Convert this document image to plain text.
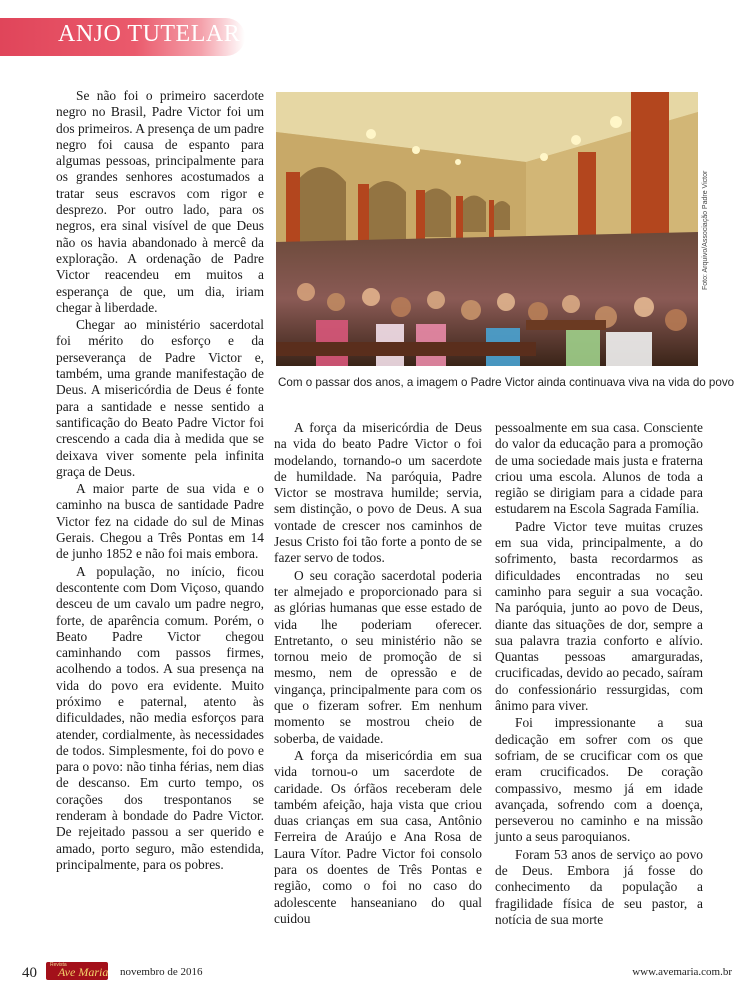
ANJO TUTELAR

Se não foi o primeiro sacerdote negro no Brasil, Padre Victor foi um dos primeiros. A presença de um padre negro foi causa de espanto para algumas pessoas, principalmente para os grandes senhores acostumados a tratar seus escravos com rigor e desprezo. Por outro lado, para os negros, era sinal visível de que Deus não os havia abandonado à mercê da exploração. A ordenação de Padre Victor reacendeu em muitos a esperança de que, um dia, iriam chegar à liberdade.

Chegar ao ministério sacerdotal foi mérito do esforço e da perseverança de Padre Victor e, também, uma grande manifestação de Deus. A misericórdia de Deus é fonte para a santidade e nesse sentido a santificação do Beato Padre Victor foi crescendo a cada dia à medida que se deixava viver somente pela infinita graça de Deus.

A maior parte de sua vida e o caminho na busca de santidade Padre Victor fez na cidade do sul de Minas Gerais. Chegou a Três Pontas em 14 de junho 1852 e não foi mais embora.

A população, no início, ficou descontente com Dom Viçoso, quando desceu de um cavalo um padre negro, forte, de aparência comum. Porém, o Beato Padre Victor chegou caminhando com passos firmes, acolhendo a todos. A sua presença na vida do povo era evidente. Muito próximo e paternal, atento às dificuldades, não media esforços para atender, cordialmente, às necessidades de todos. Simplesmente, foi do povo e para o povo: não tinha férias, nem dias de descanso. Em curto tempo, os corações dos trespontanos se renderam à bondade do Padre Victor. De rejeitado passou a ser querido e amado, porto seguro, mão estendida, principalmente, para os pobres.

Foto: Arquivo/Associação Padre Victor
Com o passar dos anos, a imagem o Padre Victor ainda continuava viva na vida do povo

A força da misericórdia de Deus na vida do beato Padre Victor o foi modelando, tornando-o um sacerdote de humildade. Na paróquia, Padre Victor se mostrava humilde; servia, sem distinção, o povo de Deus. A sua vontade de crescer nos caminhos de Jesus Cristo foi tão forte a ponto de se fazer servo de todos.

O seu coração sacerdotal poderia ter almejado e proporcionado para si as glórias humanas que esse estado de vida lhe poderiam oferecer. Entretanto, o seu ministério não se tornou meio de promoção de si mesmo, nem de opressão e de vingança, principalmente para com os que o fizeram sofrer. Em nenhum momento se mostrou cheio de soberba, de vaidade.

A força da misericórdia em sua vida tornou-o um sacerdote de caridade. Os órfãos receberam dele também afeição, haja vista que criou duas crianças em sua casa, Antônio Ferreira de Araújo e Ana Rosa de Laura Vítor. Padre Victor foi consolo para os doentes de Três Pontas e região, como o foi no caso do adolescente hanseaniano do qual cuidou

pessoalmente em sua casa. Consciente do valor da educação para a promoção de uma sociedade mais justa e fraterna criou uma escola. Alunos de toda a região se dirigiam para a cidade para estudarem na Escola Sagrada Família.

Padre Victor teve muitas cruzes em sua vida, principalmente, a do sofrimento, basta recordarmos as dificuldades encontradas no seu caminho para seguir a sua vocação. Na paróquia, junto ao povo de Deus, diante das situações de dor, sempre a sua palavra trazia conforto e alívio. Quantas pessoas amarguradas, crucificadas, devido ao pecado, saíram do confessionário ressurgidas, com ânimo para viver.

Foi impressionante a sua dedicação em sofrer com os que sofriam, de se crucificar com os que eram crucificados. De coração compassivo, mesmo já em idade avançada, sofrendo com a doença, perseverou no caminho e na missão junto a seus paroquianos.

Foram 53 anos de serviço ao povo de Deus. Embora já fosse do conhecimento da população a fragilidade física de seu pastor, a notícia de sua morte

40	Revista
Ave Maria novembro de 2016	www.avemaria.com.br
